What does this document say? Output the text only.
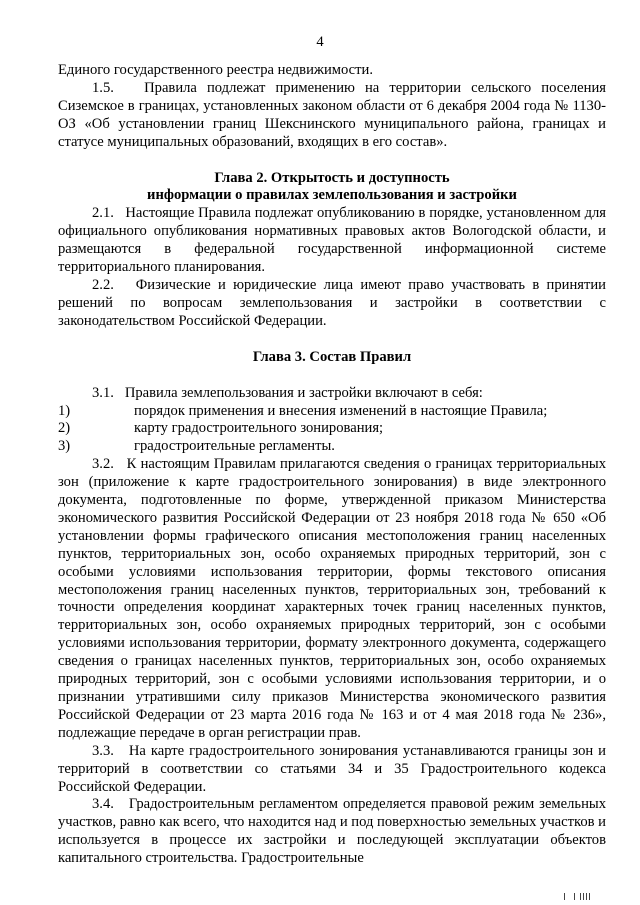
4

Единого государственного реестра недвижимости.

1.5.   Правила подлежат применению на территории сельского поселения Сиземское в границах, установленных законом области от 6 декабря 2004 года № 1130-ОЗ «Об установлении границ Шекснинского муниципального района, границах и статусе муниципальных образований, входящих в его состав».

Глава 2. Открытость и доступность

информации о правилах землепользования и застройки

2.1.   Настоящие Правила подлежат опубликованию в порядке, установленном для официального опубликования нормативных правовых актов Вологодской области, и размещаются в федеральной государственной информационной системе территориального планирования.

2.2.   Физические и юридические лица имеют право участвовать в принятии решений по вопросам землепользования и застройки в соответствии с законодательством Российской Федерации.

Глава 3. Состав Правил

3.1.   Правила землепользования и застройки включают в себя:

1)	порядок применения и внесения изменений в настоящие Правила;
2)	карту градостроительного зонирования;
3)	градостроительные регламенты.

3.2.   К настоящим Правилам прилагаются сведения о границах территориальных зон (приложение к карте градостроительного зонирования) в виде электронного документа, подготовленные по форме, утвержденной приказом Министерства экономического развития Российской Федерации от 23 ноября 2018 года № 650 «Об установлении формы графического описания местоположения границ населенных пунктов, территориальных зон, особо охраняемых природных территорий, зон с особыми условиями использования территории, формы текстового описания местоположения границ населенных пунктов, территориальных зон, требований к точности определения координат характерных точек границ населенных пунктов, территориальных зон, особо охраняемых природных территорий, зон с особыми условиями использования территории, формату электронного документа, содержащего сведения о границах населенных пунктов, территориальных зон, особо охраняемых природных территорий, зон с особыми условиями использования территории, и о признании утратившими силу приказов Министерства экономического развития Российской Федерации от 23 марта 2016 года № 163 и от 4 мая 2018 года № 236», подлежащие передаче в орган регистрации прав.

3.3.   На карте градостроительного зонирования устанавливаются границы зон и территорий в соответствии со статьями 34 и 35 Градостроительного кодекса Российской Федерации.

3.4.   Градостроительным регламентом определяется правовой режим земельных участков, равно как всего, что находится над и под поверхностью земельных участков и используется в процессе их застройки и последующей эксплуатации объектов капитального строительства. Градостроительные
